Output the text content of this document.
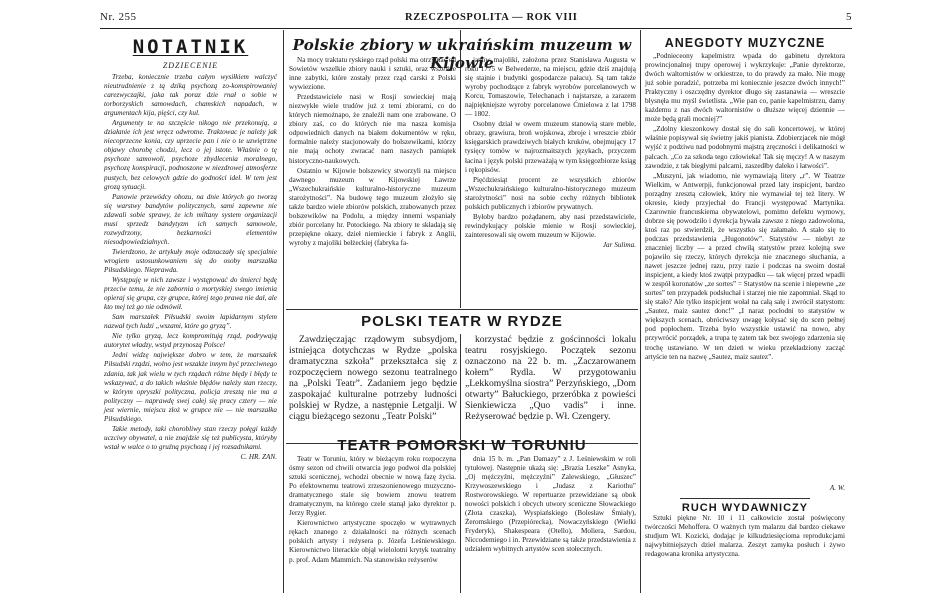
Nr. 255	RZECZPOSPOLITA — ROK VIII	5
NOTATNIK
ZDZIECENIE

Trzeba, koniecznie trzeba całym wysiłkiem walczyć nieutrudnienie z tą dziką psychozą zo-komspirowaniej carezwyczajki, jaka tak poraz dzie rnał o sobie w torborzyskich samowdach, chamskich napadach, w argumentach kija, pięści, czy kul.

Argumenty te na szczęście nikogo nie przekonują, a działanie ich jest wręcz odwrotne. Traktowac je należy jak niecoprzecne konia, czy uprzecie pan i nie o te uzwiętrzne objawy chorobę chodzi, lecz o jej istote. Właśnie o tę psychoze samowoli, psychoze zbydlecenia moralnego, psychozę konspiracji, podnoszone w niezdrowej atmosferze pustych, bez celowych gdzie do godności ideł. W tem jest grozą sytuacji.

Panowie przewódcy obozu, na dnie których go tworzą się warstwy bandytów politycznych, sami zapewne nie zdawali sobie sprawy, że ich miltany system organizacji musi sprzedz bandytyzm ich samych samowole, rozwydrzony, bezkarności elementów niesodpowiedzialnych.

Twierdzono, że artykuły moje odznaczały się specjalnie wrogiem ustosunkowaniem się do osoby marszałka Piłsudskiego. Nieprawda.

Występuję w nich zawsze i występować do śmierci będę przeciw temu, że nie zabornia o mortyskiej swego imienia opieraj się grupa, czy grupce, której tego prawa nie dał, ale kto mej też go nie odmówił.

Sam marszałek Piłsudski swoim lapidarnym stylem nazwał tych ludzi „wszami, które go gryzą”.

Nie tylko gryzą, lecz kompromitują rząd, podrywają autorytet władzy, wstyd przynoszą Polsce!

Jedni widzę największe dobro w tem, że marszałek Piłsudski rządzi, wolno jest wszakże innym być przeciwnego zdania, tak jak wielu w tych rządach różne błędy i błędy te wskazywać, a do takich właśnie błędów należy stan rzeczy, w którym opryszki polityczna, policja zresztą nie ma a polityczny — naprawdę swej całej się pracy cztery — nie jest wiernie, miejscu złoż w grupce nie — nie marszałka Piłsudskiego.

Takie metody, taki chorobliwy stan rzeczy połęgi każdy uczciwy obywatel, a nie znajdzie się też publicysta, któryby wstał w walce o to gruźną psychozą i jej rozsadnikami.

C. HR. ZAN.

Polskie zbiory w ukraińskim muzeum w Kijowie

Na mocy traktatu ryskiego rząd polski ma otrzymać od Sowietów wszelkie zbiory nauki i sztuki, oraz wszelkie inne zabytki, które zostały przez rząd carski z Polski wywiezione.

Przedstawiciele nasi w Rosji sowieckiej mają niezwykłe wiele trudów już z temi zbiorami, co do których niemożnapo, że znaleźli nam one zrabowane. O zbiory zaś, co do których nie ma nasza komisja odpowiednich danych na białem dokumentów w ręku, formalnie należy stacjonowały do bolszewikami, którzy nie mają ochoty zwracać nam naszych pamiątek historyczno-naukowych.

Ostatnio w Kijowie bolszewicy stworzyli na miejscu dawnego muzeum w Kijowskiej Ławrze „Wszechukraińskie kulturalno-historyczne muzeum starożytności”. Na budowę tego muzeum złożyło się także bardzo wiele zbiorów polskich, zrabowanych przez bolszewików na Podolu, a między innemi wspaniały zbiór porcelany hr. Potockiego. Na zbiory te składają się przepiękne okazy, dzieł niemieckie i fabryk z Anglii, wyroby z majoliki bełżeckiej (fabryka fa-

janów majoliki, założona przez Stanisława Augusta w roku 1775 w Belwederze, na miejscu, gdzie dziś znajdują się stajnie i budynki gospodarcze pałacu). Są tam także wyroby pochodzące z fabryk wyrobów porcelanowych w Korcu, Tomaszowie, Telechanach i najstarsze, a zarazem najpiękniejsze wyroby porcelanowe Ćmielowa z lat 1798 — 1802.

Osobny dział w owem muzeum stanowią stare meble, obrazy, grawiura, broń wojskowa, zbroje i wreszcie zbiór księgarskich prawdziwych białych kruków, obejmujący 17 tysięcy tomów w najrozmaitszych językach, przyczem łacina i język polski przeważają w tym księgozbiorze ksiąg i rękopisów.

Pięćdziesiąt procent ze wszystkich zbiorów „Wszechukraińskiego kulturalno-historycznego muzeum starożytności” nosi na sobie cechy różnych bibliotek polskich publicznych i zbiorów prywatnych.

Byłoby bardzo pożądanem, aby nasi przedstawiciele, rewindykujący polskie mienie w Rosji sowieckiej, zainteresowali się owem muzeum w Kijowie.

Jar Sulima.

POLSKI TEATR W RYDZE

Zawdzięczając rządowym subsydjom, istniejąca dotychczas w Rydze „polska dramatyczna szkoła” przekształca się z rozpoczęciem nowego sezonu teatralnego na „Polski Teatr”. Zadaniem jego będzie zaspokajać kulturalne potrzeby ludności polskiej w Rydze, a następnie Letgalji. W ciągu bieżącego sezonu „Teatr Polski”

korzystać będzie z gościnności lokalu teatru rosyjskiego. Początek sezonu oznaczono na 22 b. m. „Zaczarowanem kołem” Rydla. W przygotowaniu „Lekkomyślna siostra” Perzyńskiego, „Dom otwarty” Bałuckiego, przeróbka z powieści Sienkiewicza „Quo vadis” i inne. Reżyserować będzie p. Wł. Czengery.

TEATR POMORSKI W TORUNIU

Teatr w Toruniu, który w bieżącym roku rozpoczyna ósmy sezon od chwili otwarcia jego podwoi dla polskiej sztuki scenicznej, wchodzi obecnie w nową fazę życia. Po efektownemu teatrowi zrzeszonienowego muzyczno-dramatycznego stale się bowiem znowu teatrem dramatycznym, na którego czele stanął jako dyrektor p. Jerzy Rygier.

Kierownictwo artystyczne spoczęło w wytrawnych rękach znanego z działalności na różnych scenach polskich artysty i reżysera p. Józefa Leśniewskiego. Kierownictwo literackie objął wielolotni krytyk teatralny p. prof. Adam Mammich. Na stanowisko reżyserów

dnia 15 b. m. „Pan Damazy” z J. Leśniewskim w roli tytułowej. Następnie ukażą się: „Brazia Leszke” Asnyka, „Oj mężczyźni, mężczyźni” Zalewskiego, „Głuszec” Krzywoszewskiego i „Judasz z Kariothu” Rostworowskiego. W repertuarze przewidziane są obok nowości polskich i obcych utwory sceniczne Słowackiego (Złota czaszka), Wyspiańskiego (Bolesław Śmiały), Żeromskiego (Przepiórecka), Nowaczyńskiego (Wielki Fryderyk), Shakespeara (Otello), Moliera, Sardou, Niccodemiego i in. Przewidziane są także przedstawienia z udziałem wybitnych artystów scen stołecznych.

ANEGDOTY MUZYCZNE

„Podnieceony kapelmistrz wpada do gabinetu dyrektora prowincjonalnej trupy operowej i wykrzykuje: „Panie dyrektorze, dwóch waltornistów w orkiestrze, to do prawdy za mało. Nie mogę już sobie poradzić, potrzeba mi koniecznie jeszcze dwóch innych!” Praktyczny i oszczędny dyrektor długo się zastanawia — wreszcie błysnęła mu myśl świetlista. „Wie pan co, panie kapelmistrzu, damy każdemu z nas dwóch waltornistów o dłuższe więcej dziennie — może będą grali mocniej?”

„Zdolny kieszonkowy dostał się do sali koncertowej, w której właśnie popisywał się świetny jakiś pianista. Zdobierzjacek nie mógł wyjść z podziwu nad podobnymi majstrą zręczności i delikatności w palcach. „Co za szkoda tego człowieka! Tak się męczy! A w naszym zawodzie, z tak biegłymi palcami, zaszedłby daleko i łatwości”.

„Muszyni, jak wiadomo, nie wymawiają litery „r”. W Teatrze Wielkim, w Antwerpji, funkcjonował przed laty inspicjent, bardzo porządny zresztą człowiek, który nie wymawiał tej też litery. W okresie, kiedy przyjechał do Francji występować Martynika. Czarownie francuskiema obywatelowi, pomimo defektu wymowy, dobrze się powodziło i dyrekcja bywała zawsze z niego zadowolona, ktoś raz po stwierdził, że wszystko się załamało. A stało się to podczas przedstawienia „Hugonotów”. Statystów — niebyt ze znaczniej liczby — a przed chwilą statystów przez kolejną swe pojawiło się rzeczy, których dyrekcja nie znacznego słuchania, a nawet jeszcze jednej razu, przy razie i podczas na swoim dostał inspicjent, a kiedy ktoś zwątpi przypadku — tak więcej przed wpadli w zespół koronatów „ze sortes” = Statystów na scenie i niepewne „ze sortes” ten przypadek podsłuchał i starzej nie nie zapomniał. Skąd to się stało? Ale tylko inspicjent wołał na całą salę i zwrócił statystom: „Sautez, maiz sautez donc!” „I naraz pocłodni to statystów w większych scenach, obróciwszy uwagę kołysać się do scen pełnej pod popłochem. Trzeba było wszystkie ustawić na nowo, aby przywrócić porządek, a trupa tę zatem tak bez swojego zdarzenia się trochę ustawiano. W ten dzień w wieku przekładziony zacząć artyście ten na nazwę „Sautez, maiz sautez”.

A. W.

RUCH WYDAWNICZY

Sztuki piękne Nr. 10 i 11 całkowicie został poświęcony twórczości Mehoffera. O ważnych tym malarzu dał bardzo ciekawe studjum Wł. Kozicki, dodając je kilkudziesięcioma reprodukcjami najwybitniejszych dzieł malarza. Zeszyt zamyka posłuch i żywo redagowana kronika artystyczna.
